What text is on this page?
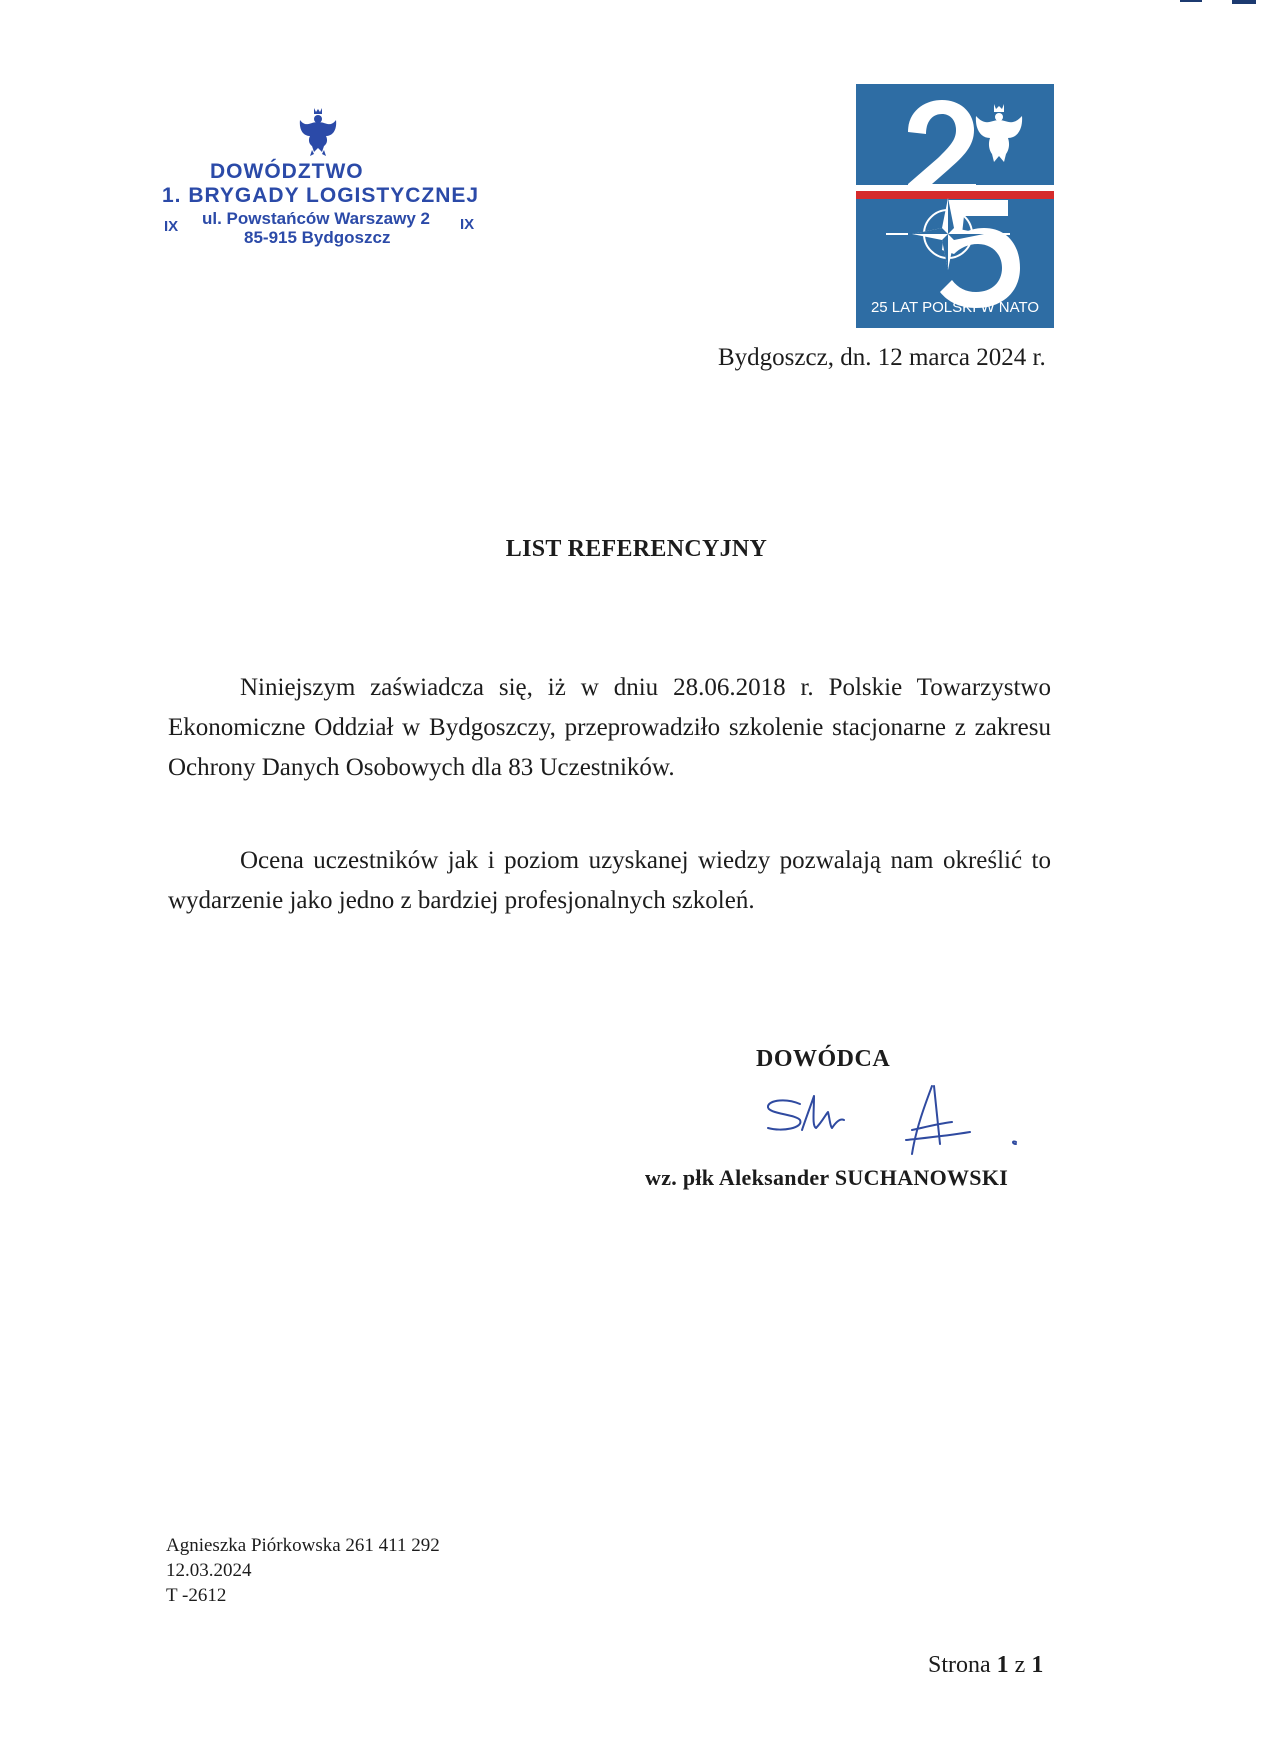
DOWÓDZTWO
1. BRYGADY LOGISTYCZNEJ
IX ul. Powstańców Warszawy 2
85-915 Bydgoszcz
IX
25 LAT POLSKI W NATO
Bydgoszcz, dn. 12 marca 2024 r.
LIST REFERENCYJNY
Niniejszym zaświadcza się, iż w dniu 28.06.2018 r. Polskie Towarzystwo Ekonomiczne Oddział w Bydgoszczy, przeprowadziło szkolenie stacjonarne z zakresu Ochrony Danych Osobowych dla 83 Uczestników.
Ocena uczestników jak i poziom uzyskanej wiedzy pozwalają nam określić to wydarzenie jako jedno z bardziej profesjonalnych szkoleń.
DOWÓDCA
wz. płk Aleksander SUCHANOWSKI
Agnieszka Piórkowska 261 411 292
12.03.2024
T -2612
Strona 1 z 1
